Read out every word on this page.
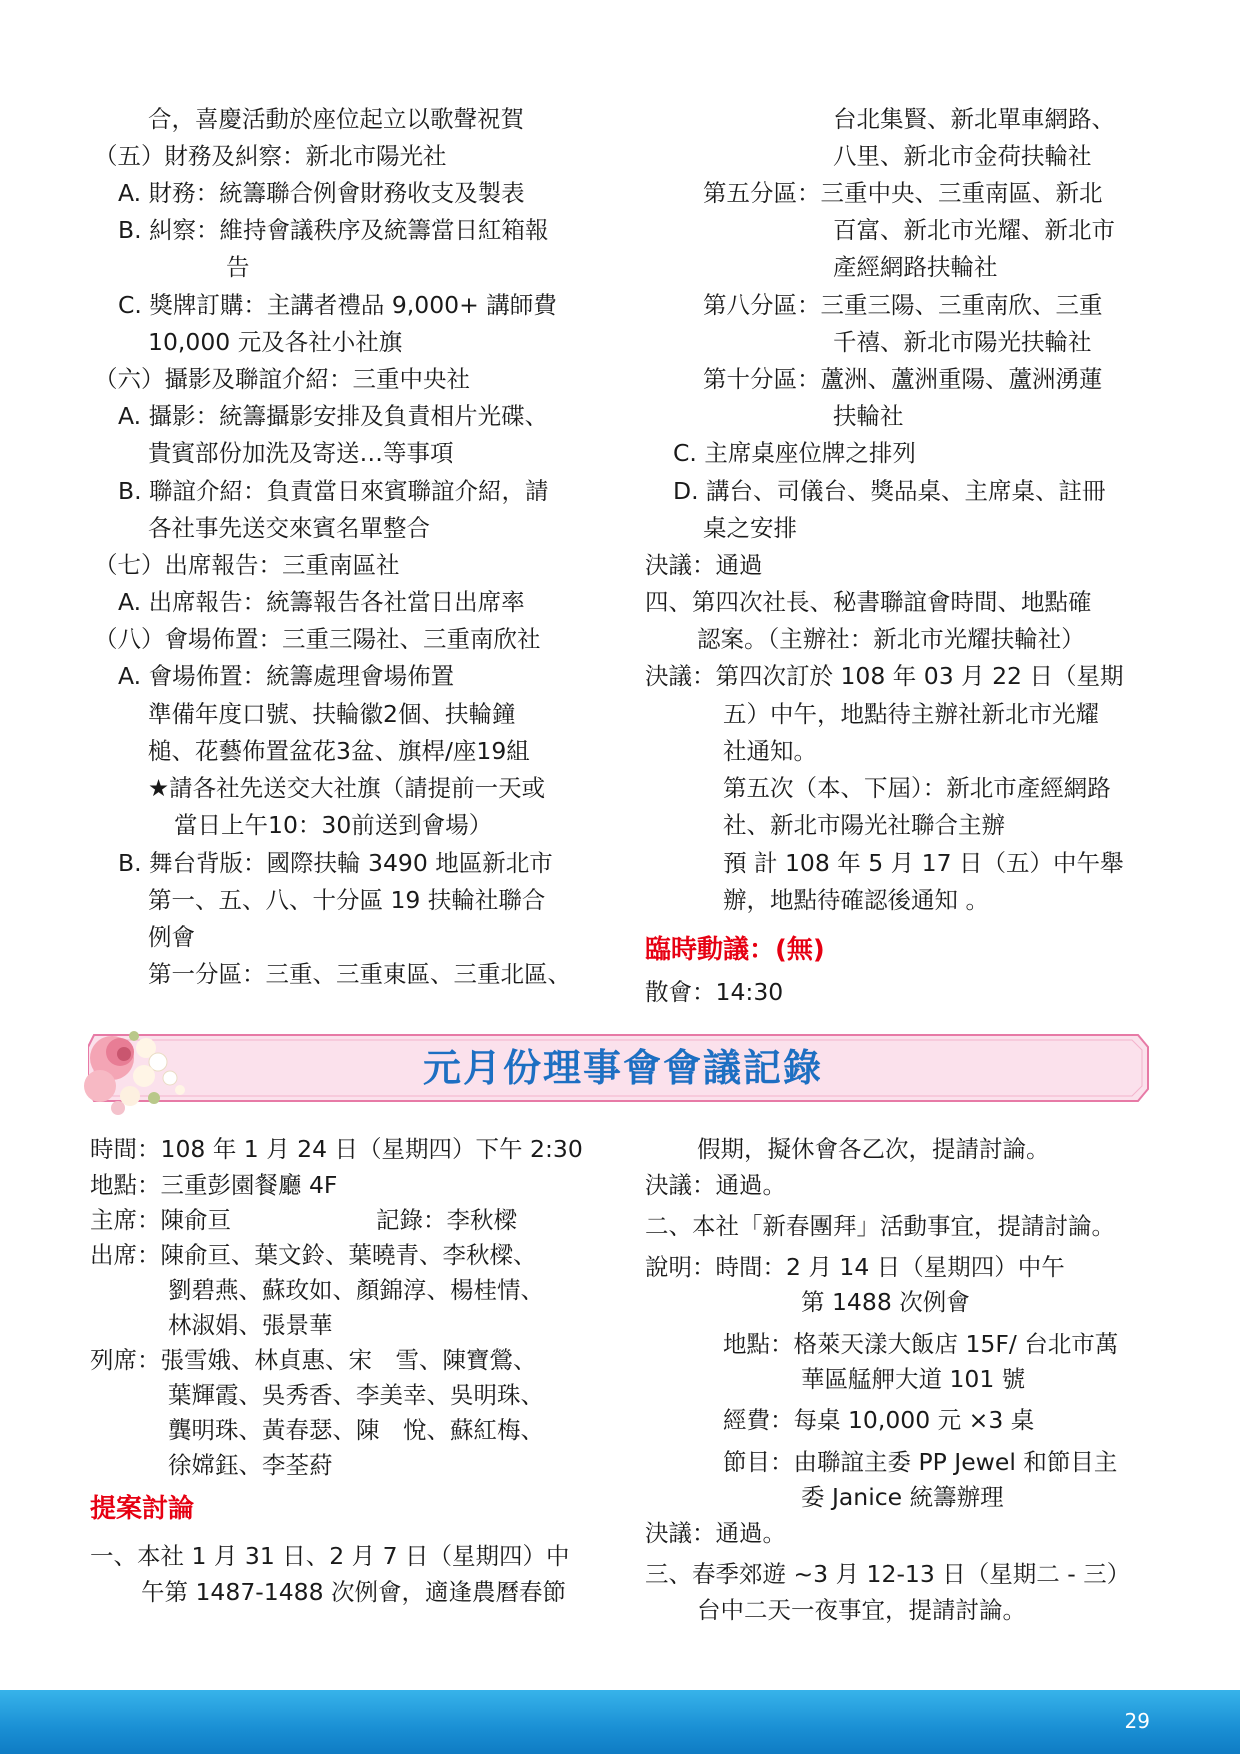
合，喜慶活動於座位起立以歌聲祝賀
（五）財務及糾察：新北市陽光社
A. 財務：統籌聯合例會財務收支及製表
B. 糾察：維持會議秩序及統籌當日紅箱報
告
C. 獎牌訂購：主講者禮品 9,000+ 講師費
10,000 元及各社小社旗
（六）攝影及聯誼介紹：三重中央社
A. 攝影：統籌攝影安排及負責相片光碟、
貴賓部份加洗及寄送…等事項
B. 聯誼介紹：負責當日來賓聯誼介紹，請
各社事先送交來賓名單整合
（七）出席報告：三重南區社
A. 出席報告：統籌報告各社當日出席率
（八）會場佈置：三重三陽社、三重南欣社
A. 會場佈置：統籌處理會場佈置
準備年度口號、扶輪徽2個、扶輪鐘
槌、花藝佈置盆花3盆、旗桿/座19組
★請各社先送交大社旗（請提前一天或
當日上午10：30前送到會場）
B. 舞台背版：國際扶輪 3490 地區新北市
第一、五、八、十分區 19 扶輪社聯合
例會
第一分區：三重、三重東區、三重北區、
台北集賢、新北單車網路、
八里、新北市金荷扶輪社
第五分區：三重中央、三重南區、新北
百富、新北市光耀、新北市
產經網路扶輪社
第八分區：三重三陽、三重南欣、三重
千禧、新北市陽光扶輪社
第十分區：蘆洲、蘆洲重陽、蘆洲湧蓮
扶輪社
C. 主席桌座位牌之排列
D. 講台、司儀台、獎品桌、主席桌、註冊
桌之安排
決議：通過
四、第四次社長、秘書聯誼會時間、地點確
認案。（主辦社：新北市光耀扶輪社）
決議：第四次訂於 108 年 03 月 22 日（星期
五）中午，地點待主辦社新北市光耀
社通知。
第五次（本、下屆）：新北市產經網路
社、新北市陽光社聯合主辦
預 計 108 年 5 月 17 日（五）中午舉
辦，地點待確認後通知 。
臨時動議：(無)
散會：14:30
元月份理事會會議記錄
時間：108 年 1 月 24 日（星期四）下午 2:30
地點：三重彭園餐廳 4F
主席：陳俞亘	記錄：李秋樑
出席：陳俞亘、葉文鈴、葉曉青、李秋樑、
劉碧燕、蘇玫如、顏錦淳、楊桂情、
林淑娟、張景華
列席：張雪娥、林貞惠、宋　雪、陳寶鶯、
葉輝霞、吳秀香、李美幸、吳明珠、
龔明珠、黃春瑟、陳　悅、蘇紅梅、
徐嫦鈺、李荃葤
提案討論
一、本社 1 月 31 日、2 月 7 日（星期四）中
午第 1487-1488 次例會，適逢農曆春節
假期，擬休會各乙次，提請討論。
決議：通過。
二、本社「新春團拜」活動事宜，提請討論。
說明：時間：2 月 14 日（星期四）中午
第 1488 次例會
地點：格萊天漾大飯店 15F/ 台北市萬
華區艋舺大道 101 號
經費：每桌 10,000 元 ×3 桌
節目：由聯誼主委 PP Jewel 和節目主
委 Janice 統籌辦理
決議：通過。
三、春季郊遊 ~3 月 12-13 日（星期二 - 三）
台中二天一夜事宜，提請討論。
29
